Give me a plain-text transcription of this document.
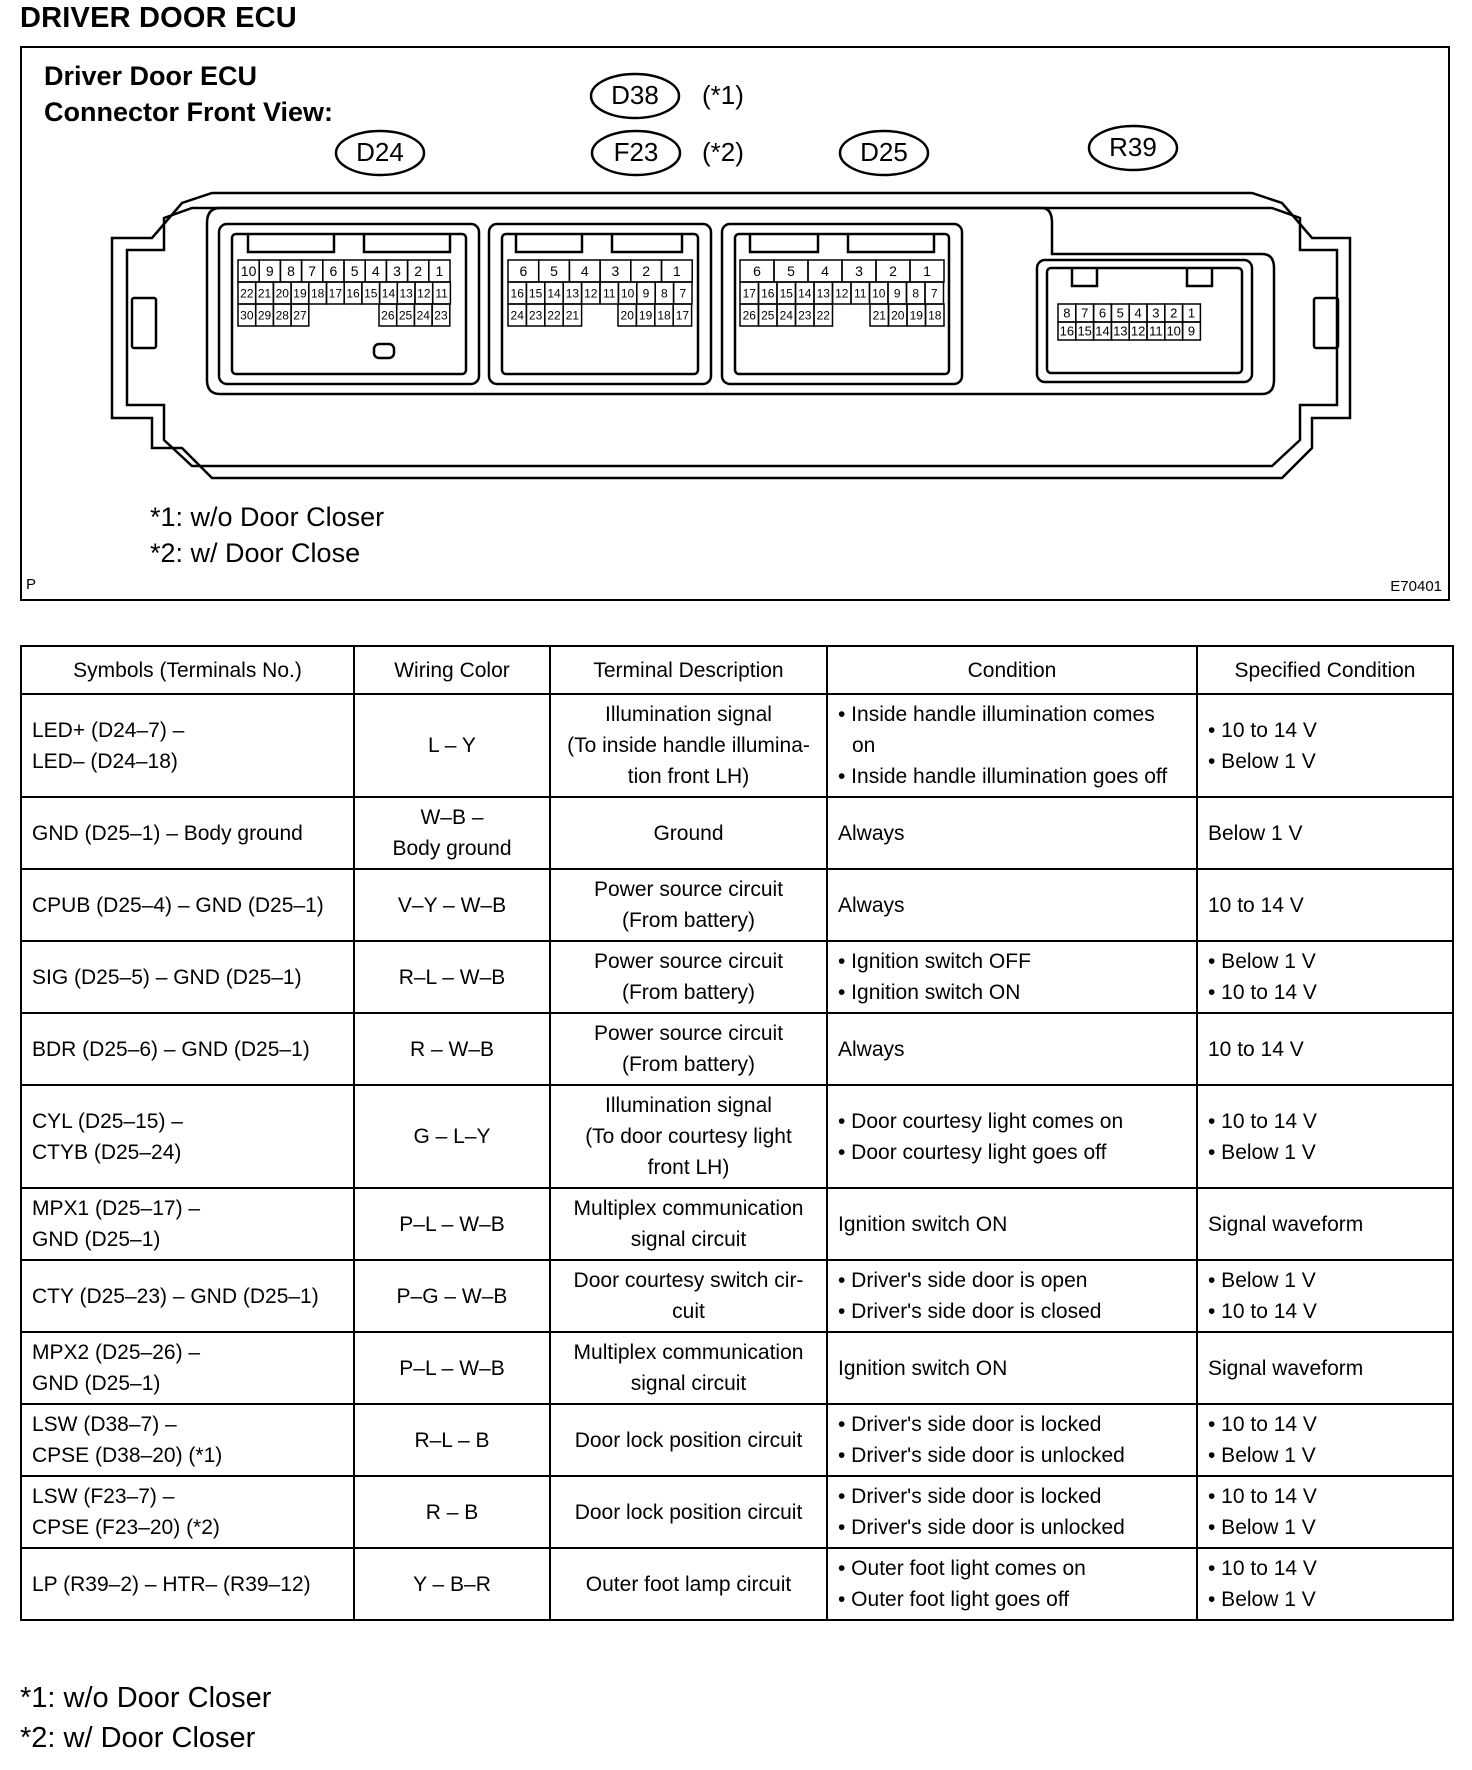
DRIVER DOOR ECU
Driver Door ECU
Connector Front View:
10 9 8 7 6 5 4 3 2 1
22 21 20 19 18 17 16 15 14 13 12 11
30 29 28 27	26 25 24 23
6 5 4 3 2 1
16 15 14 13 12 11 10 9 8 7
24 23 22 21	20 19 18 17
6 5 4 3 2 1
17 16 15 14 13 12 11 10 9 8 7
26 25 24 23 22	21 20 19 18	8 7 6 5 4 3 2 1
16 15 14 13 12 11 10 9
*1: w/o Door Closer
*2: w/ Door Close
P	E70401
D24
D38
F23	D25	R39
(*1)
(*2)
Symbols (Terminals No.)	Wiring Color	Terminal Description	Condition	Specified Condition

LED+ (D24–7) –
LED– (D24–18)	L – Y	Illumination signal
(To inside handle illumina-
tion front LH)	• Inside handle illumination comes
on
• Inside handle illumination goes off	• 10 to 14 V
• Below 1 V

GND (D25–1) – Body ground	W–B –
Body ground	Ground	Always	Below 1 V

CPUB (D25–4) – GND (D25–1)	V–Y – W–B	Power source circuit
(From battery)	Always	10 to 14 V

SIG (D25–5) – GND (D25–1)	R–L – W–B	Power source circuit
(From battery)	• Ignition switch OFF
• Ignition switch ON	• Below 1 V
• 10 to 14 V

BDR (D25–6) – GND (D25–1)	R – W–B	Power source circuit
(From battery)	Always	10 to 14 V

CYL (D25–15) –
CTYB (D25–24)	G – L–Y	Illumination signal
(To door courtesy light
front LH)	• Door courtesy light comes on
• Door courtesy light goes off	• 10 to 14 V
• Below 1 V

MPX1 (D25–17) –
GND (D25–1)	P–L – W–B	Multiplex communication
signal circuit	Ignition switch ON	Signal waveform

CTY (D25–23) – GND (D25–1)	P–G – W–B	Door courtesy switch cir-
cuit	• Driver's side door is open
• Driver's side door is closed	• Below 1 V
• 10 to 14 V

MPX2 (D25–26) –
GND (D25–1)	P–L – W–B	Multiplex communication
signal circuit	Ignition switch ON	Signal waveform

LSW (D38–7) –
CPSE (D38–20) (*1)	R–L – B	Door lock position circuit	• Driver's side door is locked
• Driver's side door is unlocked	• 10 to 14 V
• Below 1 V

LSW (F23–7) –
CPSE (F23–20) (*2)	R – B	Door lock position circuit	• Driver's side door is locked
• Driver's side door is unlocked	• 10 to 14 V
• Below 1 V

LP (R39–2) – HTR– (R39–12)	Y – B–R	Outer foot lamp circuit	• Outer foot light comes on
• Outer foot light goes off	• 10 to 14 V
• Below 1 V
*1: w/o Door Closer
*2: w/ Door Closer
